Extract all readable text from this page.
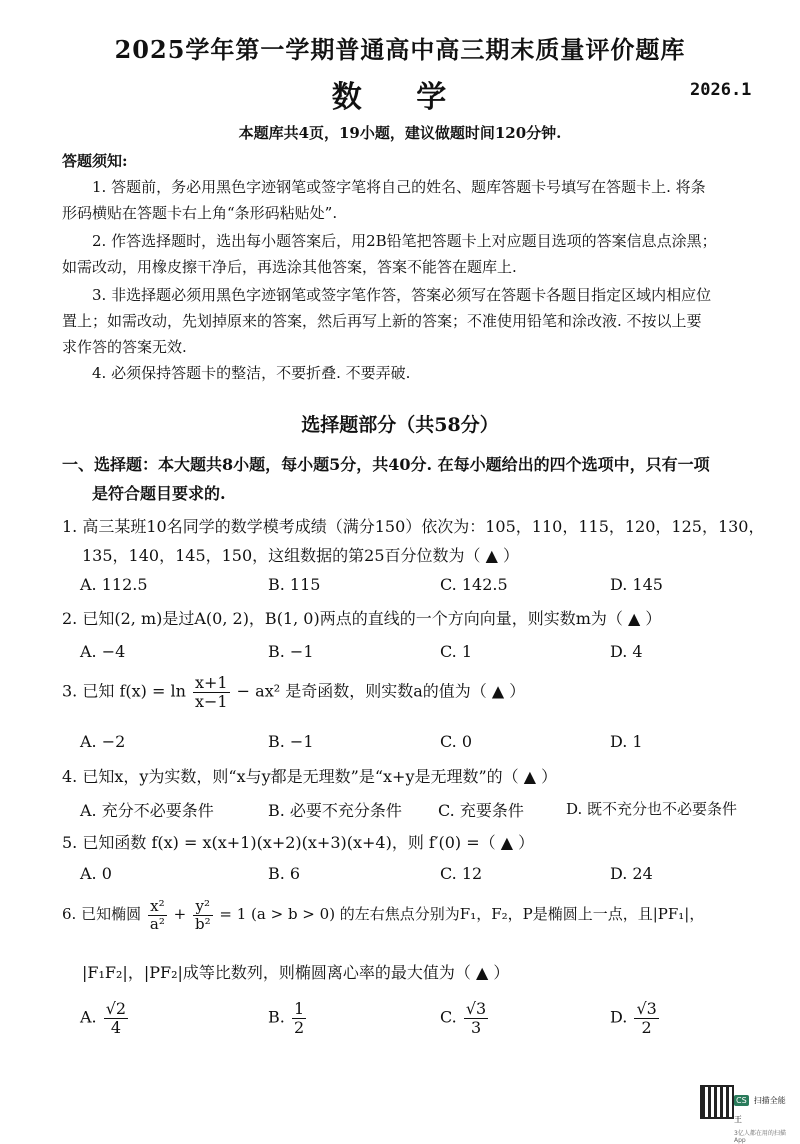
2025学年第一学期普通高中高三期末质量评价题库
数 学	2026.1
本题库共4页，19小题，建议做题时间120分钟.
答题须知:
1. 答题前，务必用黑色字迹钢笔或签字笔将自己的姓名、题库答题卡号填写在答题卡上. 将条
形码横贴在答题卡右上角“条形码粘贴处”.
2. 作答选择题时，选出每小题答案后，用2B铅笔把答题卡上对应题目选项的答案信息点涂黑；
如需改动，用橡皮擦干净后，再选涂其他答案，答案不能答在题库上.
3. 非选择题必须用黑色字迹钢笔或签字笔作答，答案必须写在答题卡各题目指定区域内相应位
置上；如需改动，先划掉原来的答案，然后再写上新的答案；不准使用铅笔和涂改液. 不按以上要
求作答的答案无效.
4. 必须保持答题卡的整洁，不要折叠. 不要弄破.
选择题部分（共58分）
一、选择题：本大题共8小题，每小题5分，共40分. 在每小题给出的四个选项中，只有一项
是符合题目要求的.
1. 高三某班10名同学的数学模考成绩（满分150）依次为：105，110，115，120，125，130，
135，140，145，150，这组数据的第25百分位数为（ ▲ ）
A. 112.5	B. 115	C. 142.5	D. 145
2. 已知(2, m)是过A(0, 2)，B(1, 0)两点的直线的一个方向向量，则实数m为（ ▲ ）
A. −4	B. −1	C. 1	D. 4
3. 已知 $f(x) = \ln \frac{x+1}{x-1} - ax^2$ 是奇函数，则实数a的值为（ ▲ ）
A. −2	B. −1	C. 0	D. 1
4. 已知x，y为实数，则“x与y都是无理数”是“x+y是无理数”的（ ▲ ）
A. 充分不必要条件	B. 必要不充分条件 C. 充要条件	D. 既不充分也不必要条件
5. 已知函数 f(x) = x(x+1)(x+2)(x+3)(x+4)，则 f′(0) =（ ▲ ）
A. 0	B. 6	C. 12	D. 24
6. 已知椭圆 $\frac{\text{x²}}{\text{a²}} + \frac{\text{y²}}{\text{b²}} = 1$ (a > b > 0) 的左右焦点分别为F₁，F₂，P是椭圆上一点，且|PF₁|，
|F₁F₂|，|PF₂|成等比数列，则椭圆离心率的最大值为（ ▲ ）
A. $\frac{√2}{4}$	B. $\frac{1}{2}$	C. $\frac{√3}{3}$	D. $\frac{√3}{2}$
CS 扫描全能王
3亿人都在用的扫描App
